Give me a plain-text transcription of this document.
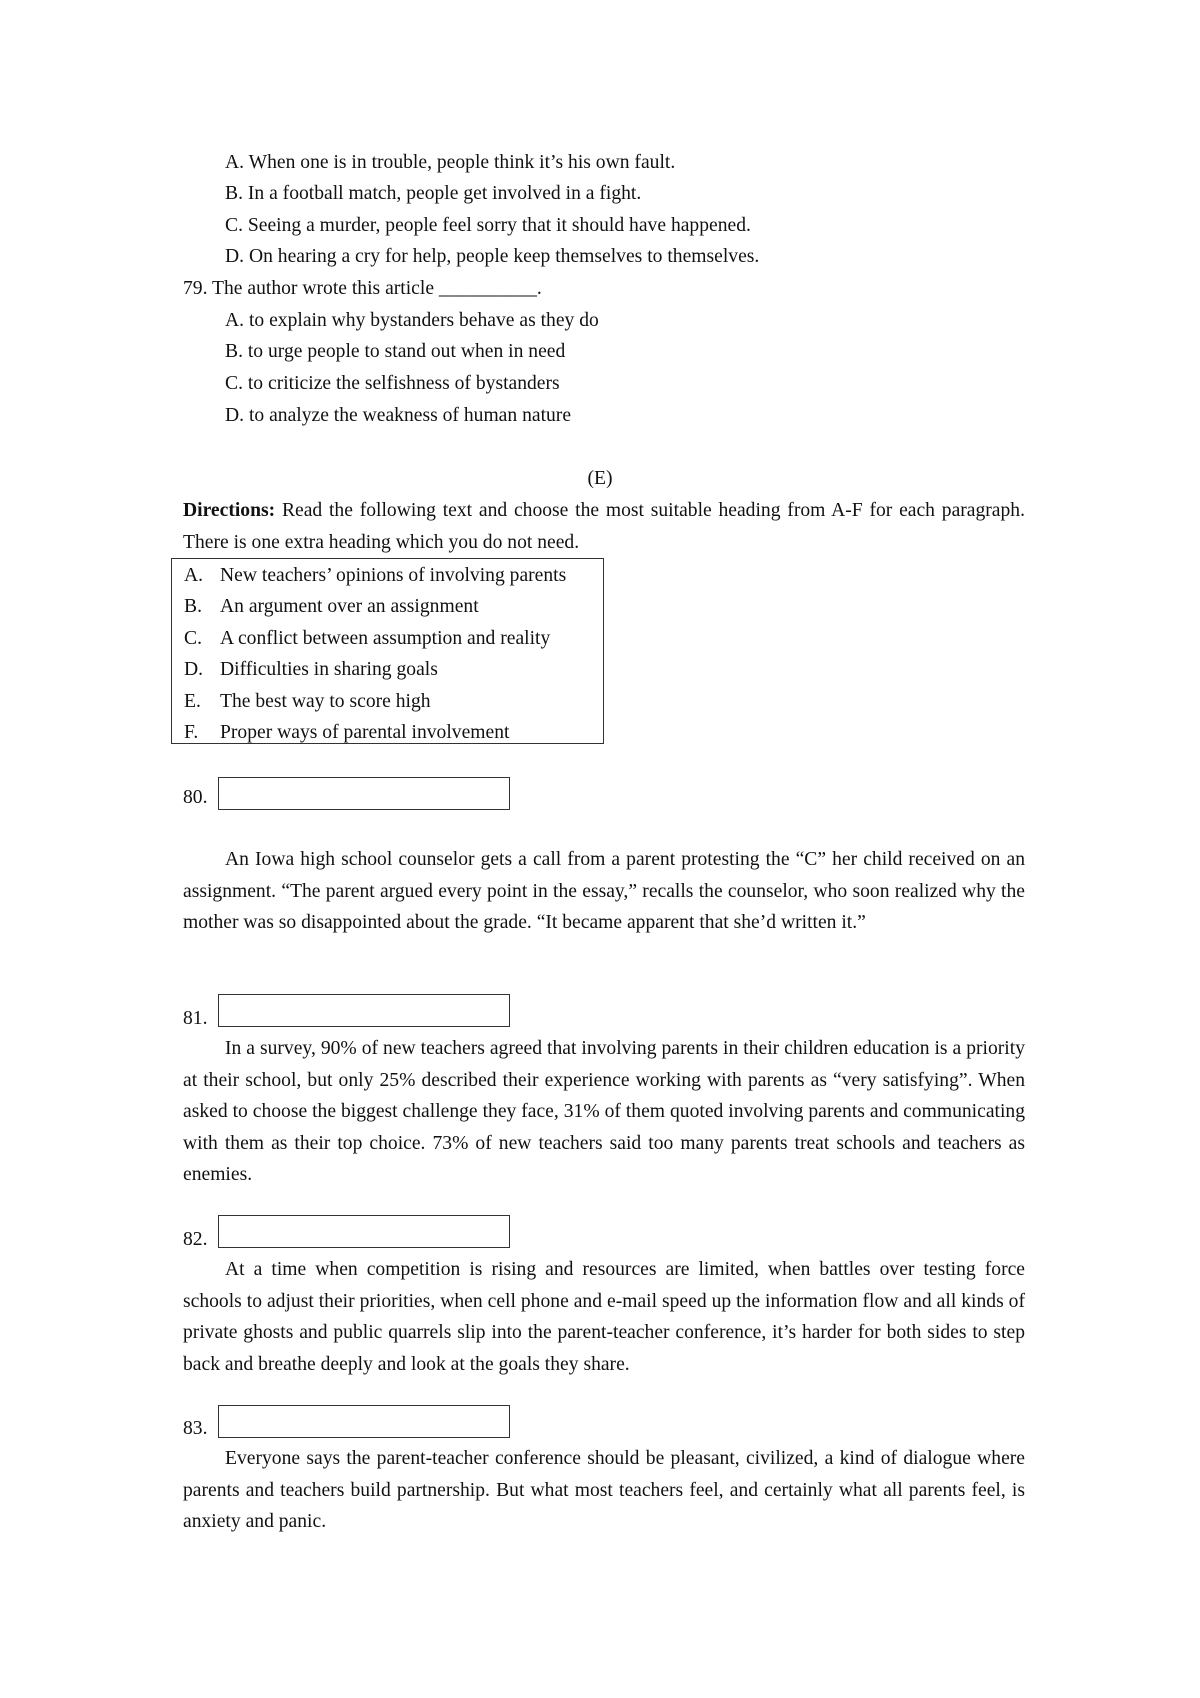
A. When one is in trouble, people think it’s his own fault.
B. In a football match, people get involved in a fight.
C. Seeing a murder, people feel sorry that it should have happened.
D. On hearing a cry for help, people keep themselves to themselves.
79. The author wrote this article __________.
A. to explain why bystanders behave as they do
B. to urge people to stand out when in need
C. to criticize the selfishness of bystanders
D. to analyze the weakness of human nature
(E)
Directions: Read the following text and choose the most suitable heading from A-F for each paragraph. There is one extra heading which you do not need.
A. New teachers’ opinions of involving parents
B. An argument over an assignment
C. A conflict between assumption and reality
D. Difficulties in sharing goals
E. The best way to score high
F. Proper ways of parental involvement
80.

An Iowa high school counselor gets a call from a parent protesting the “C” her child received on an assignment. “The parent argued every point in the essay,” recalls the counselor, who soon realized why the mother was so disappointed about the grade. “It became apparent that she’d written it.”

81.

In a survey, 90% of new teachers agreed that involving parents in their children education is a priority at their school, but only 25% described their experience working with parents as “very satisfying”. When asked to choose the biggest challenge they face, 31% of them quoted involving parents and communicating with them as their top choice. 73% of new teachers said too many parents treat schools and teachers as enemies.

82.

At a time when competition is rising and resources are limited, when battles over testing force schools to adjust their priorities, when cell phone and e-mail speed up the information flow and all kinds of private ghosts and public quarrels slip into the parent-teacher conference, it’s harder for both sides to step back and breathe deeply and look at the goals they share.

83.

Everyone says the parent-teacher conference should be pleasant, civilized, a kind of dialogue where parents and teachers build partnership. But what most teachers feel, and certainly what all parents feel, is anxiety and panic.
